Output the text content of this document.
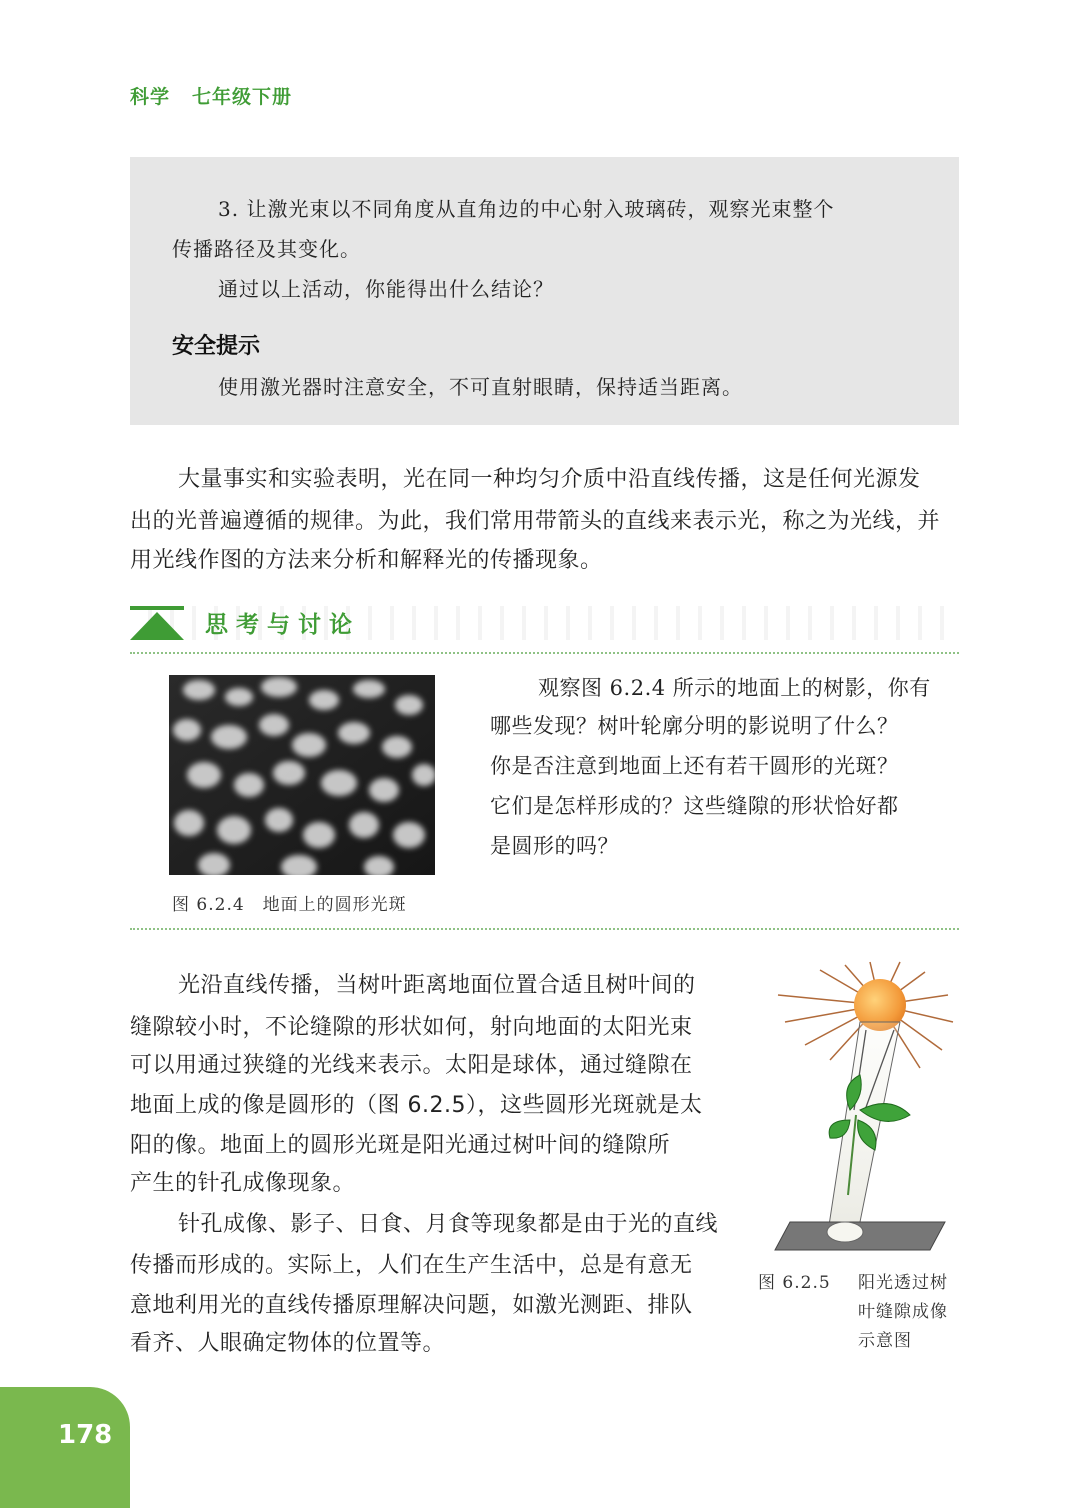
科学 七年级下册
3. 让激光束以不同角度从直角边的中心射入玻璃砖，观察光束整个
传播路径及其变化。
通过以上活动，你能得出什么结论？
安全提示
使用激光器时注意安全，不可直射眼睛，保持适当距离。
大量事实和实验表明，光在同一种均匀介质中沿直线传播，这是任何光源发
出的光普遍遵循的规律。为此，我们常用带箭头的直线来表示光，称之为光线，并
用光线作图的方法来分析和解释光的传播现象。
思考与讨论
图 6.2.4　地面上的圆形光斑
观察图 6.2.4 所示的地面上的树影，你有
哪些发现？树叶轮廓分明的影说明了什么？
你是否注意到地面上还有若干圆形的光斑？
它们是怎样形成的？这些缝隙的形状恰好都
是圆形的吗？
光沿直线传播，当树叶距离地面位置合适且树叶间的
缝隙较小时，不论缝隙的形状如何，射向地面的太阳光束
可以用通过狭缝的光线来表示。太阳是球体，通过缝隙在
地面上成的像是圆形的（图 6.2.5），这些圆形光斑就是太
阳的像。地面上的圆形光斑是阳光通过树叶间的缝隙所
产生的针孔成像现象。
针孔成像、影子、日食、月食等现象都是由于光的直线
传播而形成的。实际上，人们在生产生活中，总是有意无
意地利用光的直线传播原理解决问题，如激光测距、排队
看齐、人眼确定物体的位置等。
图 6.2.5 阳光透过树
叶缝隙成像
示意图
178
